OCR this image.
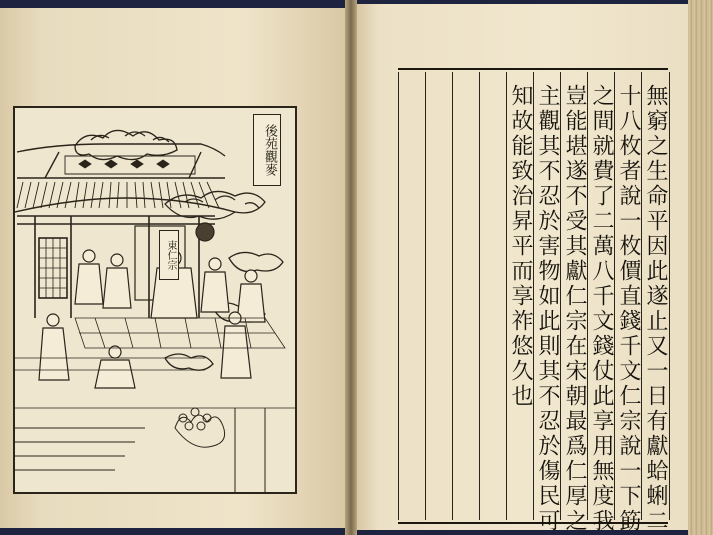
後苑觀麥
東仁宗	無窮之生命平因此遂止又一日有獻蛤蜊二
十八枚者說一枚價直錢千文仁宗說一下筯
之間就費了二萬八千文錢仗此享用無度我
豈能堪遂不受其獻仁宗在宋朝最爲仁厚之
主觀其不忍於害物如此則其不忍於傷民可
知故能致治昇平而享祚悠久也
